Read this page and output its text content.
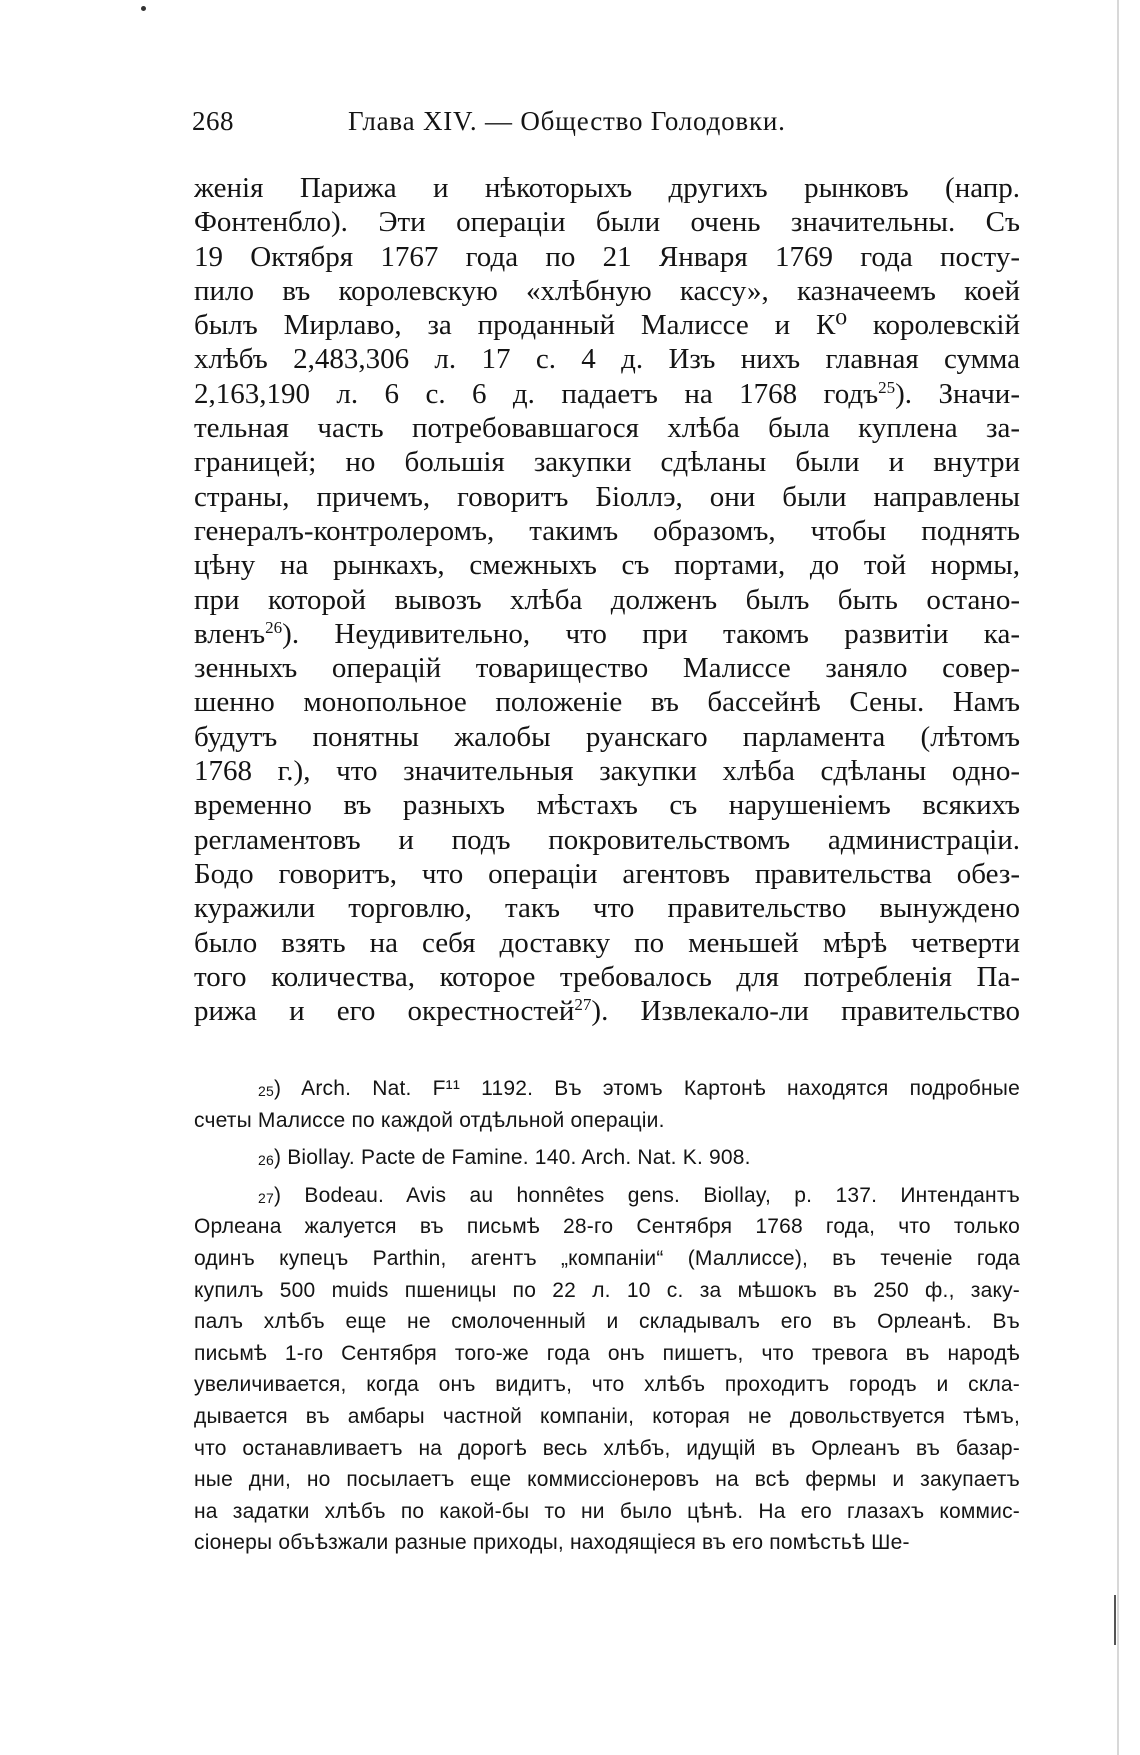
268	Глава XIV. — Общество Голодовки.
женія Парижа и нѣкоторыхъ другихъ рынковъ (напр.
Фонтенбло). Эти операціи были очень значительны. Съ
19 Октября 1767 года по 21 Января 1769 года посту-
пило въ королевскую «хлѣбную кассу», казначеемъ коей
былъ Мирлаво, за проданный Малиссе и К⁰ королевскій
хлѣбъ 2,483,306 л. 17 с. 4 д. Изъ нихъ главная сумма
2,163,190 л. 6 с. 6 д. падаетъ на 1768 годъ$^{25}$). Значи-
тельная часть потребовавшагося хлѣба была куплена за-
границей; но большія закупки сдѣланы были и внутри
страны, причемъ, говоритъ Біоллэ, они были направлены
генералъ-контролеромъ, такимъ образомъ, чтобы поднять
цѣну на рынкахъ, смежныхъ съ портами, до той нормы,
при которой вывозъ хлѣба долженъ былъ быть остано-
вленъ$^{26}$). Неудивительно, что при такомъ развитіи ка-
зенныхъ операцій товарищество Малиссе заняло совер-
шенно монопольное положеніе въ бассейнѣ Сены. Намъ
будутъ понятны жалобы руанскаго парламента (лѣтомъ
1768 г.), что значительныя закупки хлѣба сдѣланы одно-
временно въ разныхъ мѣстахъ съ нарушеніемъ всякихъ
регламентовъ и подъ покровительствомъ администраціи.
Бодо говоритъ, что операціи агентовъ правительства обез-
куражили торговлю, такъ что правительство вынуждено
было взять на себя доставку по меньшей мѣрѣ четверти
того количества, которое требовалось для потребленія Па-
рижа и его окрестностей$^{27}$). Извлекало-ли правительство
$^{25}$) Arch. Nat. F¹¹ 1192. Въ этомъ Картонѣ находятся подробные
счеты Малиссе по каждой отдѣльной операціи.
$^{26}$) Biollay. Pacte de Famine. 140. Arch. Nat. K. 908.
$^{27}$) Bodeau. Avis au honnêtes gens. Biollay, p. 137. Интендантъ
Орлеана жалуется въ письмѣ 28-го Сентября 1768 года, что только
одинъ купецъ Parthin, агентъ „компаніи“ (Маллиссе), въ теченіе года
купилъ 500 muids пшеницы по 22 л. 10 с. за мѣшокъ въ 250 ф., заку-
палъ хлѣбъ еще не смолоченный и складывалъ его въ Орлеанѣ. Въ
письмѣ 1-го Сентября того-же года онъ пишетъ, что тревога въ народѣ
увеличивается, когда онъ видитъ, что хлѣбъ проходитъ городъ и скла-
дывается въ амбары частной компаніи, которая не довольствуется тѣмъ,
что останавливаетъ на дорогѣ весь хлѣбъ, идущій въ Орлеанъ въ базар-
ные дни, но посылаетъ еще коммиссіонеровъ на всѣ фермы и закупаетъ
на задатки хлѣбъ по какой-бы то ни было цѣнѣ. На его глазахъ коммис-
сіонеры объѣзжали разные приходы, находящіеся въ его помѣстьѣ Ше-
